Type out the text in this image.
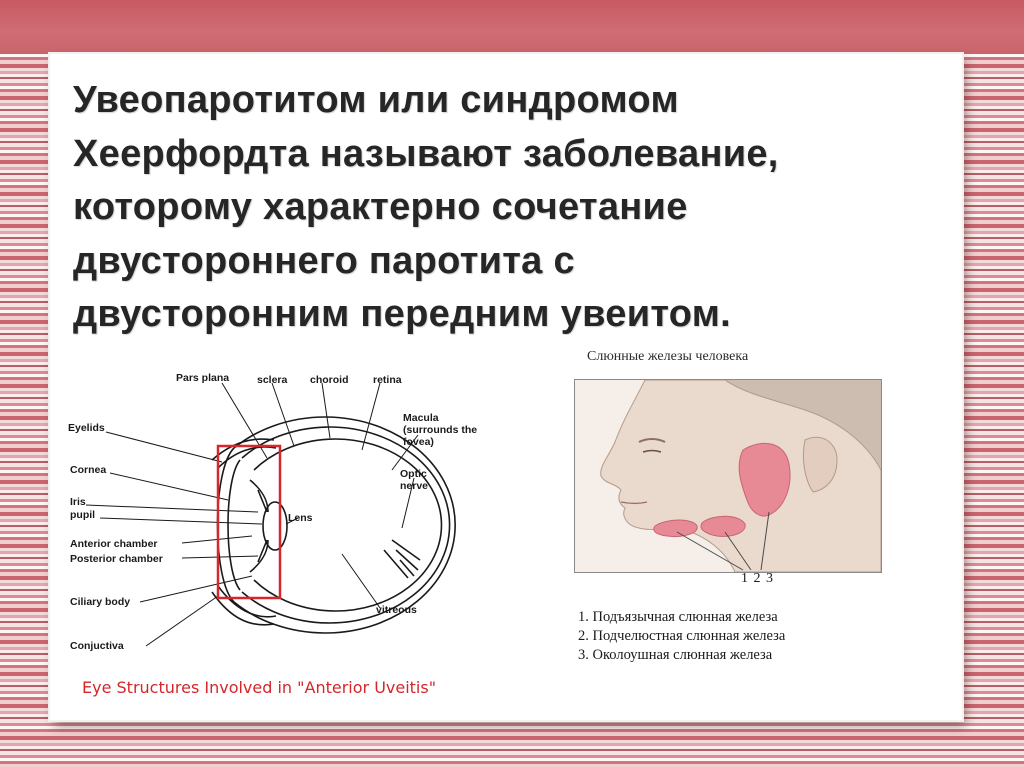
Увеопаротитом или синдромом
Хеерфордта называют заболевание,
которому характерно сочетание
двустороннего паротита с
двусторонним передним увеитом.
Pars plana	sclera choroid retina
Macula
(surrounds the
fovea)
Eyelids
Cornea
Iris
pupil	Lens
Optic
nerve
Anterior chamber
Posterior chamber
Ciliary body
vitreous
Conjuctiva
Eye Structures Involved in "Anterior Uveitis"
Слюнные железы человека
1 2 3
1. Подъязычная слюнная железа
2. Подчелюстная слюнная железа
3. Околоушная слюнная железа
